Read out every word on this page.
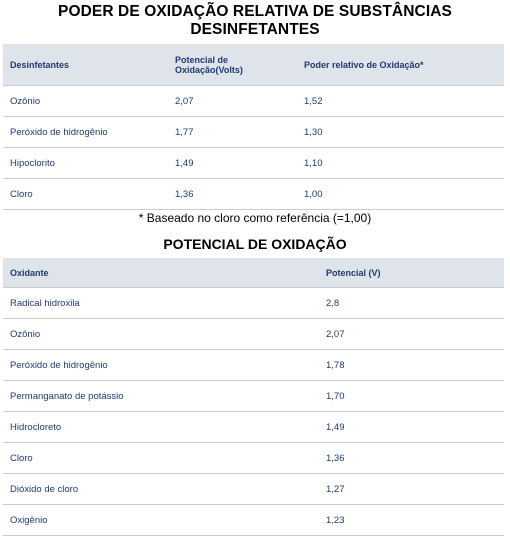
PODER DE OXIDAÇÃO RELATIVA DE SUBSTÂNCIAS
DESINFETANTES
Desinfetantes	Potencial de Oxidação(Volts)	Poder relativo de Oxidação*
Ozônio	2,07	1,52
Peróxido de hidrogênio	1,77	1,30
Hipoclorito	1,49	1,10
Cloro	1,36	1,00
* Baseado no cloro como referência (=1,00)
POTENCIAL DE OXIDAÇÃO
Oxidante	Potencial (V)
Radical hidroxila	2,8
Ozônio	2,07
Peróxido de hidrogênio	1,78
Permanganato de potássio	1,70
Hidrocloreto	1,49
Cloro	1,36
Dióxido de cloro	1,27
Oxigênio	1,23
